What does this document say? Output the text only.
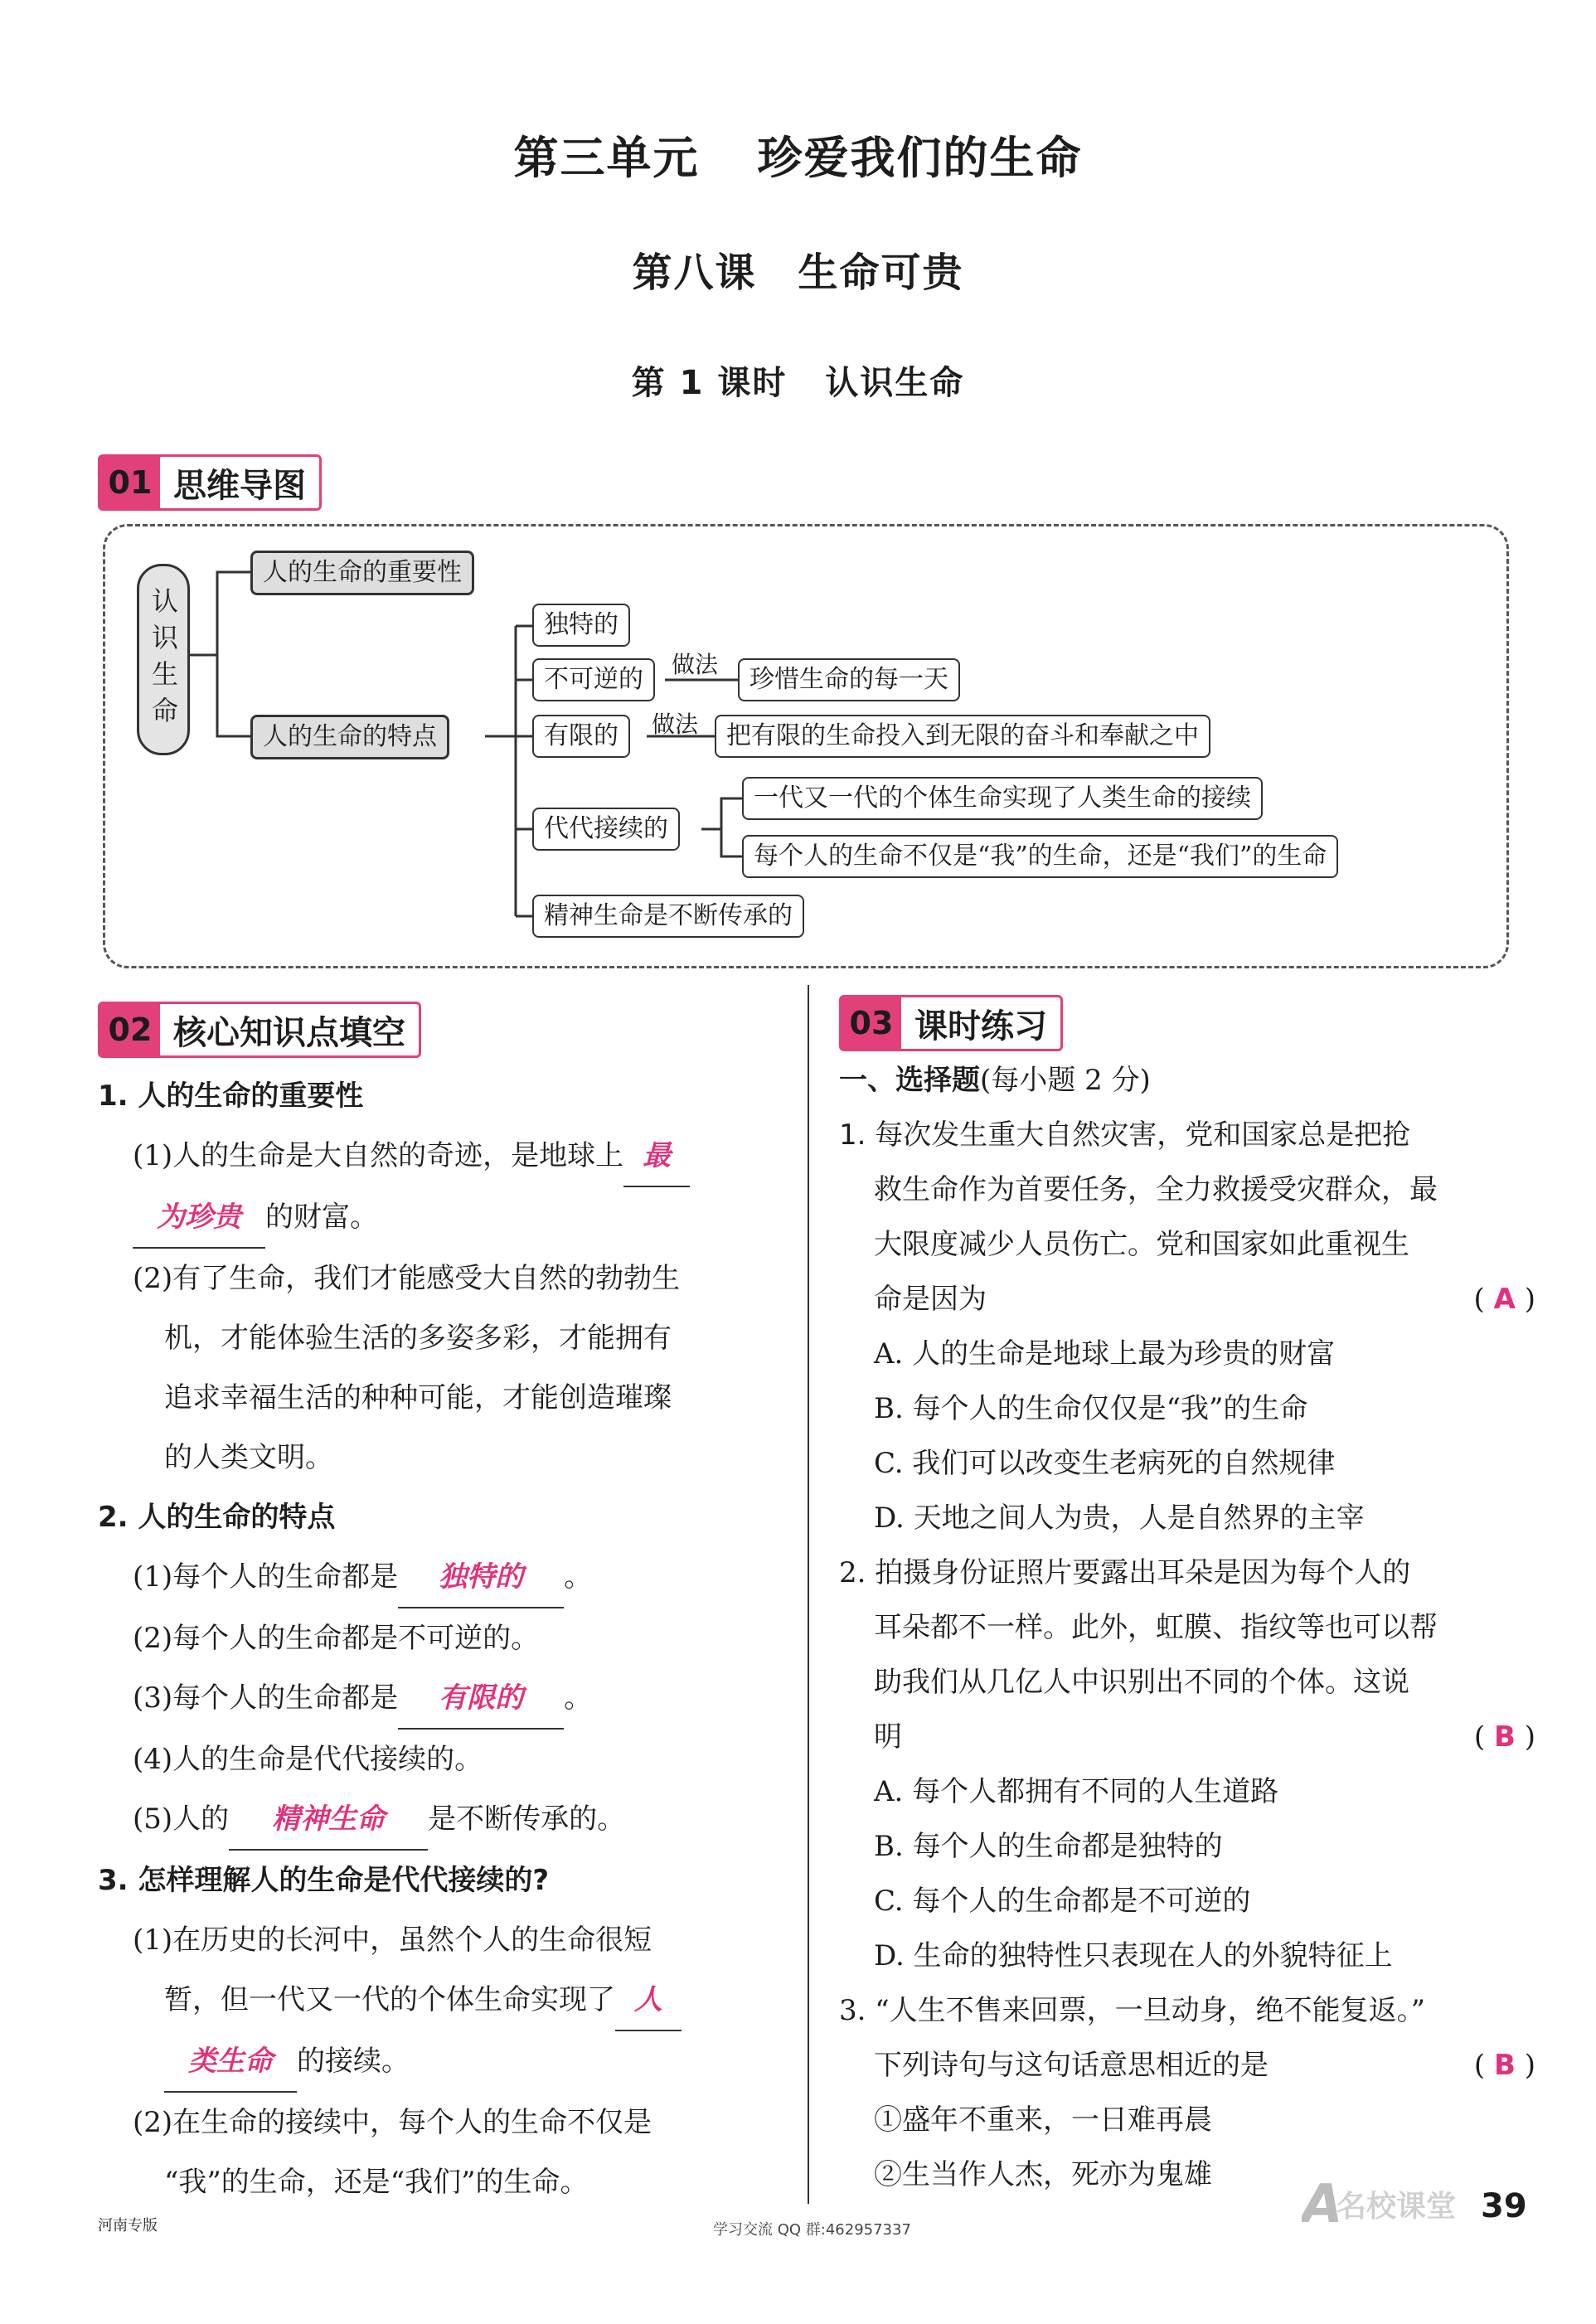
第三单元 珍爱我们的生命
第八课 生命可贵
第 1 课时 认识生命
01 思维导图
认识生命
人的生命的重要性
人的生命的特点
独特的
不可逆的
做法
珍惜生命的每一天
有限的	做法	把有限的生命投入到无限的奋斗和奉献之中
代代接续的
一代又一代的个体生命实现了人类生命的接续
每个人的生命不仅是“我”的生命，还是“我们”的生命
精神生命是不断传承的
02 核心知识点填空
1. 人的生命的重要性
(1)人的生命是大自然的奇迹，是地球上 最
为珍贵 的财富。
(2)有了生命，我们才能感受大自然的勃勃生
机，才能体验生活的多姿多彩，才能拥有
追求幸福生活的种种可能，才能创造璀璨
的人类文明。
2. 人的生命的特点
(1)每个人的生命都是 独特的 。
(2)每个人的生命都是不可逆的。
(3)每个人的生命都是 有限的 。
(4)人的生命是代代接续的。
(5)人的 精神生命 是不断传承的。
3. 怎样理解人的生命是代代接续的?
(1)在历史的长河中，虽然个人的生命很短
暂，但一代又一代的个体生命实现了 人
类生命 的接续。
(2)在生命的接续中，每个人的生命不仅是
“我”的生命，还是“我们”的生命。
03 课时练习
一、选择题(每小题 2 分)
1. 每次发生重大自然灾害，党和国家总是把抢
救生命作为首要任务，全力救援受灾群众，最
大限度减少人员伤亡。党和国家如此重视生
命是因为	( A )
A. 人的生命是地球上最为珍贵的财富
B. 每个人的生命仅仅是“我”的生命
C. 我们可以改变生老病死的自然规律
D. 天地之间人为贵，人是自然界的主宰
2. 拍摄身份证照片要露出耳朵是因为每个人的
耳朵都不一样。此外，虹膜、指纹等也可以帮
助我们从几亿人中识别出不同的个体。这说
明	( B )
A. 每个人都拥有不同的人生道路
B. 每个人的生命都是独特的
C. 每个人的生命都是不可逆的
D. 生命的独特性只表现在人的外貌特征上
3. “人生不售来回票，一旦动身，绝不能复返。”
下列诗句与这句话意思相近的是	( B )
①盛年不重来，一日难再晨
②生当作人杰，死亦为鬼雄
河南专版	学习交流 QQ 群:462957337	A
名校课堂 39
